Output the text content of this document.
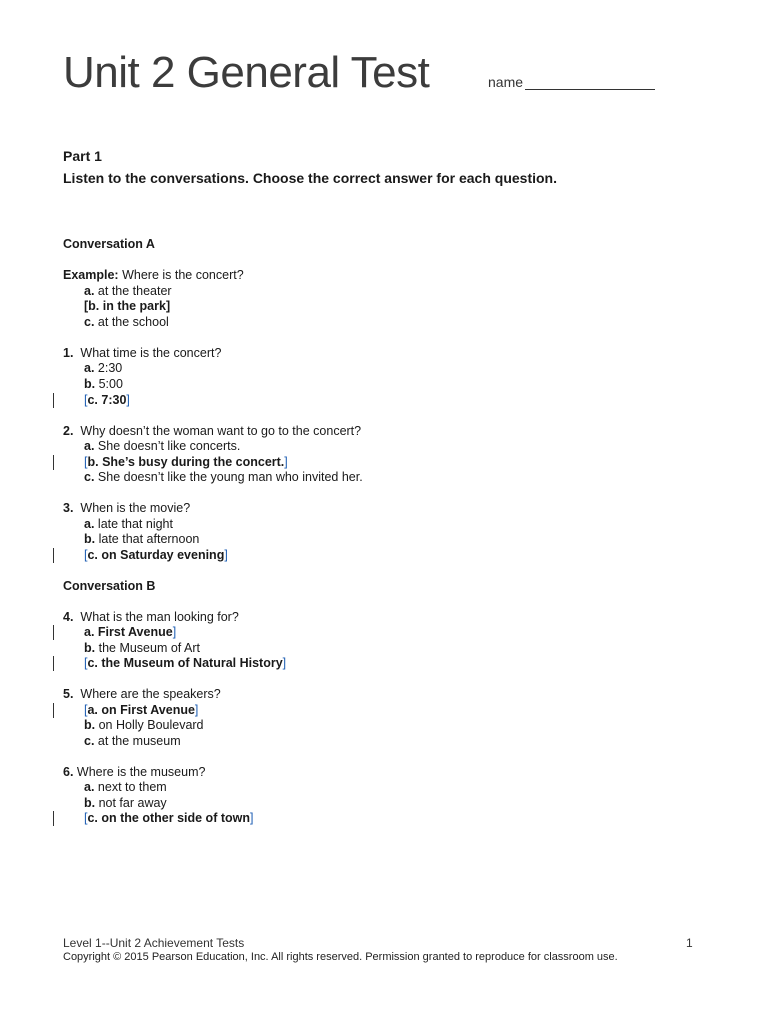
Unit 2 General Test	name
Part 1
Listen to the conversations. Choose the correct answer for each question.
Conversation A
Example: Where is the concert?
a. at the theater
[b. in the park]
c. at the school
1. What time is the concert?
a. 2:30
b. 5:00
[c. 7:30]
2. Why doesn’t the woman want to go to the concert?
a. She doesn’t like concerts.
[b. She’s busy during the concert.]
c. She doesn’t like the young man who invited her.
3. When is the movie?
a. late that night
b. late that afternoon
[c. on Saturday evening]
Conversation B
4. What is the man looking for?
a. First Avenue]
b. the Museum of Art
[c. the Museum of Natural History]
5. Where are the speakers?
[a. on First Avenue]
b. on Holly Boulevard
c. at the museum
6. Where is the museum?
a. next to them
b. not far away
[c. on the other side of town]
Level 1--Unit 2 Achievement Tests	1
Copyright © 2015 Pearson Education, Inc. All rights reserved. Permission granted to reproduce for classroom use.
